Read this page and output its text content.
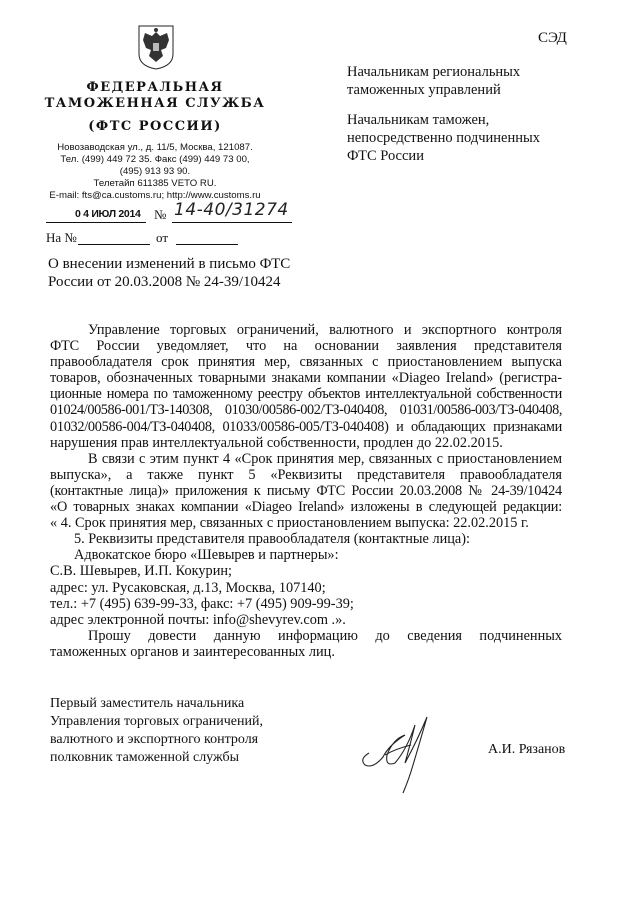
СЭД
ФЕДЕРАЛЬНАЯ
ТАМОЖЕННАЯ СЛУЖБА
(ФТС РОССИИ)
Новозаводская ул., д. 11/5, Москва, 121087.
Тел. (499) 449 72 35. Факс (499) 449 73 00,
(495) 913 93 90.
Телетайп 611385 VETO RU.
E-mail: fts@ca.customs.ru; http://www.customs.ru
0 4 ИЮЛ 2014 № 14-40/31274
На №	от
Начальникам региональных
таможенных управлений
Начальникам таможен,
непосредственно подчиненных
ФТС России
О внесении изменений в письмо ФТС
России от 20.03.2008 № 24-39/10424
Управление торговых ограничений, валютного и экспортного контроля
ФТС России уведомляет, что на основании заявления представителя
правообладателя срок принятия мер, связанных с приостановлением выпуска
товаров, обозначенных товарными знаками компании «Diageo Ireland» (регистра-
ционные номера по таможенному реестру объектов интеллектуальной собственности
01024/00586-001/ТЗ-140308, 01030/00586-002/ТЗ-040408, 01031/00586-003/ТЗ-040408,
01032/00586-004/ТЗ-040408, 01033/00586-005/ТЗ-040408) и обладающих признаками
нарушения прав интеллектуальной собственности, продлен до 22.02.2015.
В связи с этим пункт 4 «Срок принятия мер, связанных с приостановлением
выпуска», а также пункт 5 «Реквизиты представителя правообладателя
(контактные лица)» приложения к письму ФТС России 20.03.2008 № 24-39/10424
«О товарных знаках компании «Diageo Ireland» изложены в следующей редакции:
« 4. Срок принятия мер, связанных с приостановлением выпуска: 22.02.2015 г.
5. Реквизиты представителя правообладателя (контактные лица):
Адвокатское бюро «Шевырев и партнеры»:
С.В. Шевырев, И.П. Кокурин;
адрес: ул. Русаковская, д.13, Москва, 107140;
тел.: +7 (495) 639-99-33, факс: +7 (495) 909-99-39;
адрес электронной почты: info@shevyrev.com .».
Прошу довести данную информацию до сведения подчиненных
таможенных органов и заинтересованных лиц.
Первый заместитель начальника
Управления торговых ограничений,
валютного и экспортного контроля
полковник таможенной службы
А.И. Рязанов
